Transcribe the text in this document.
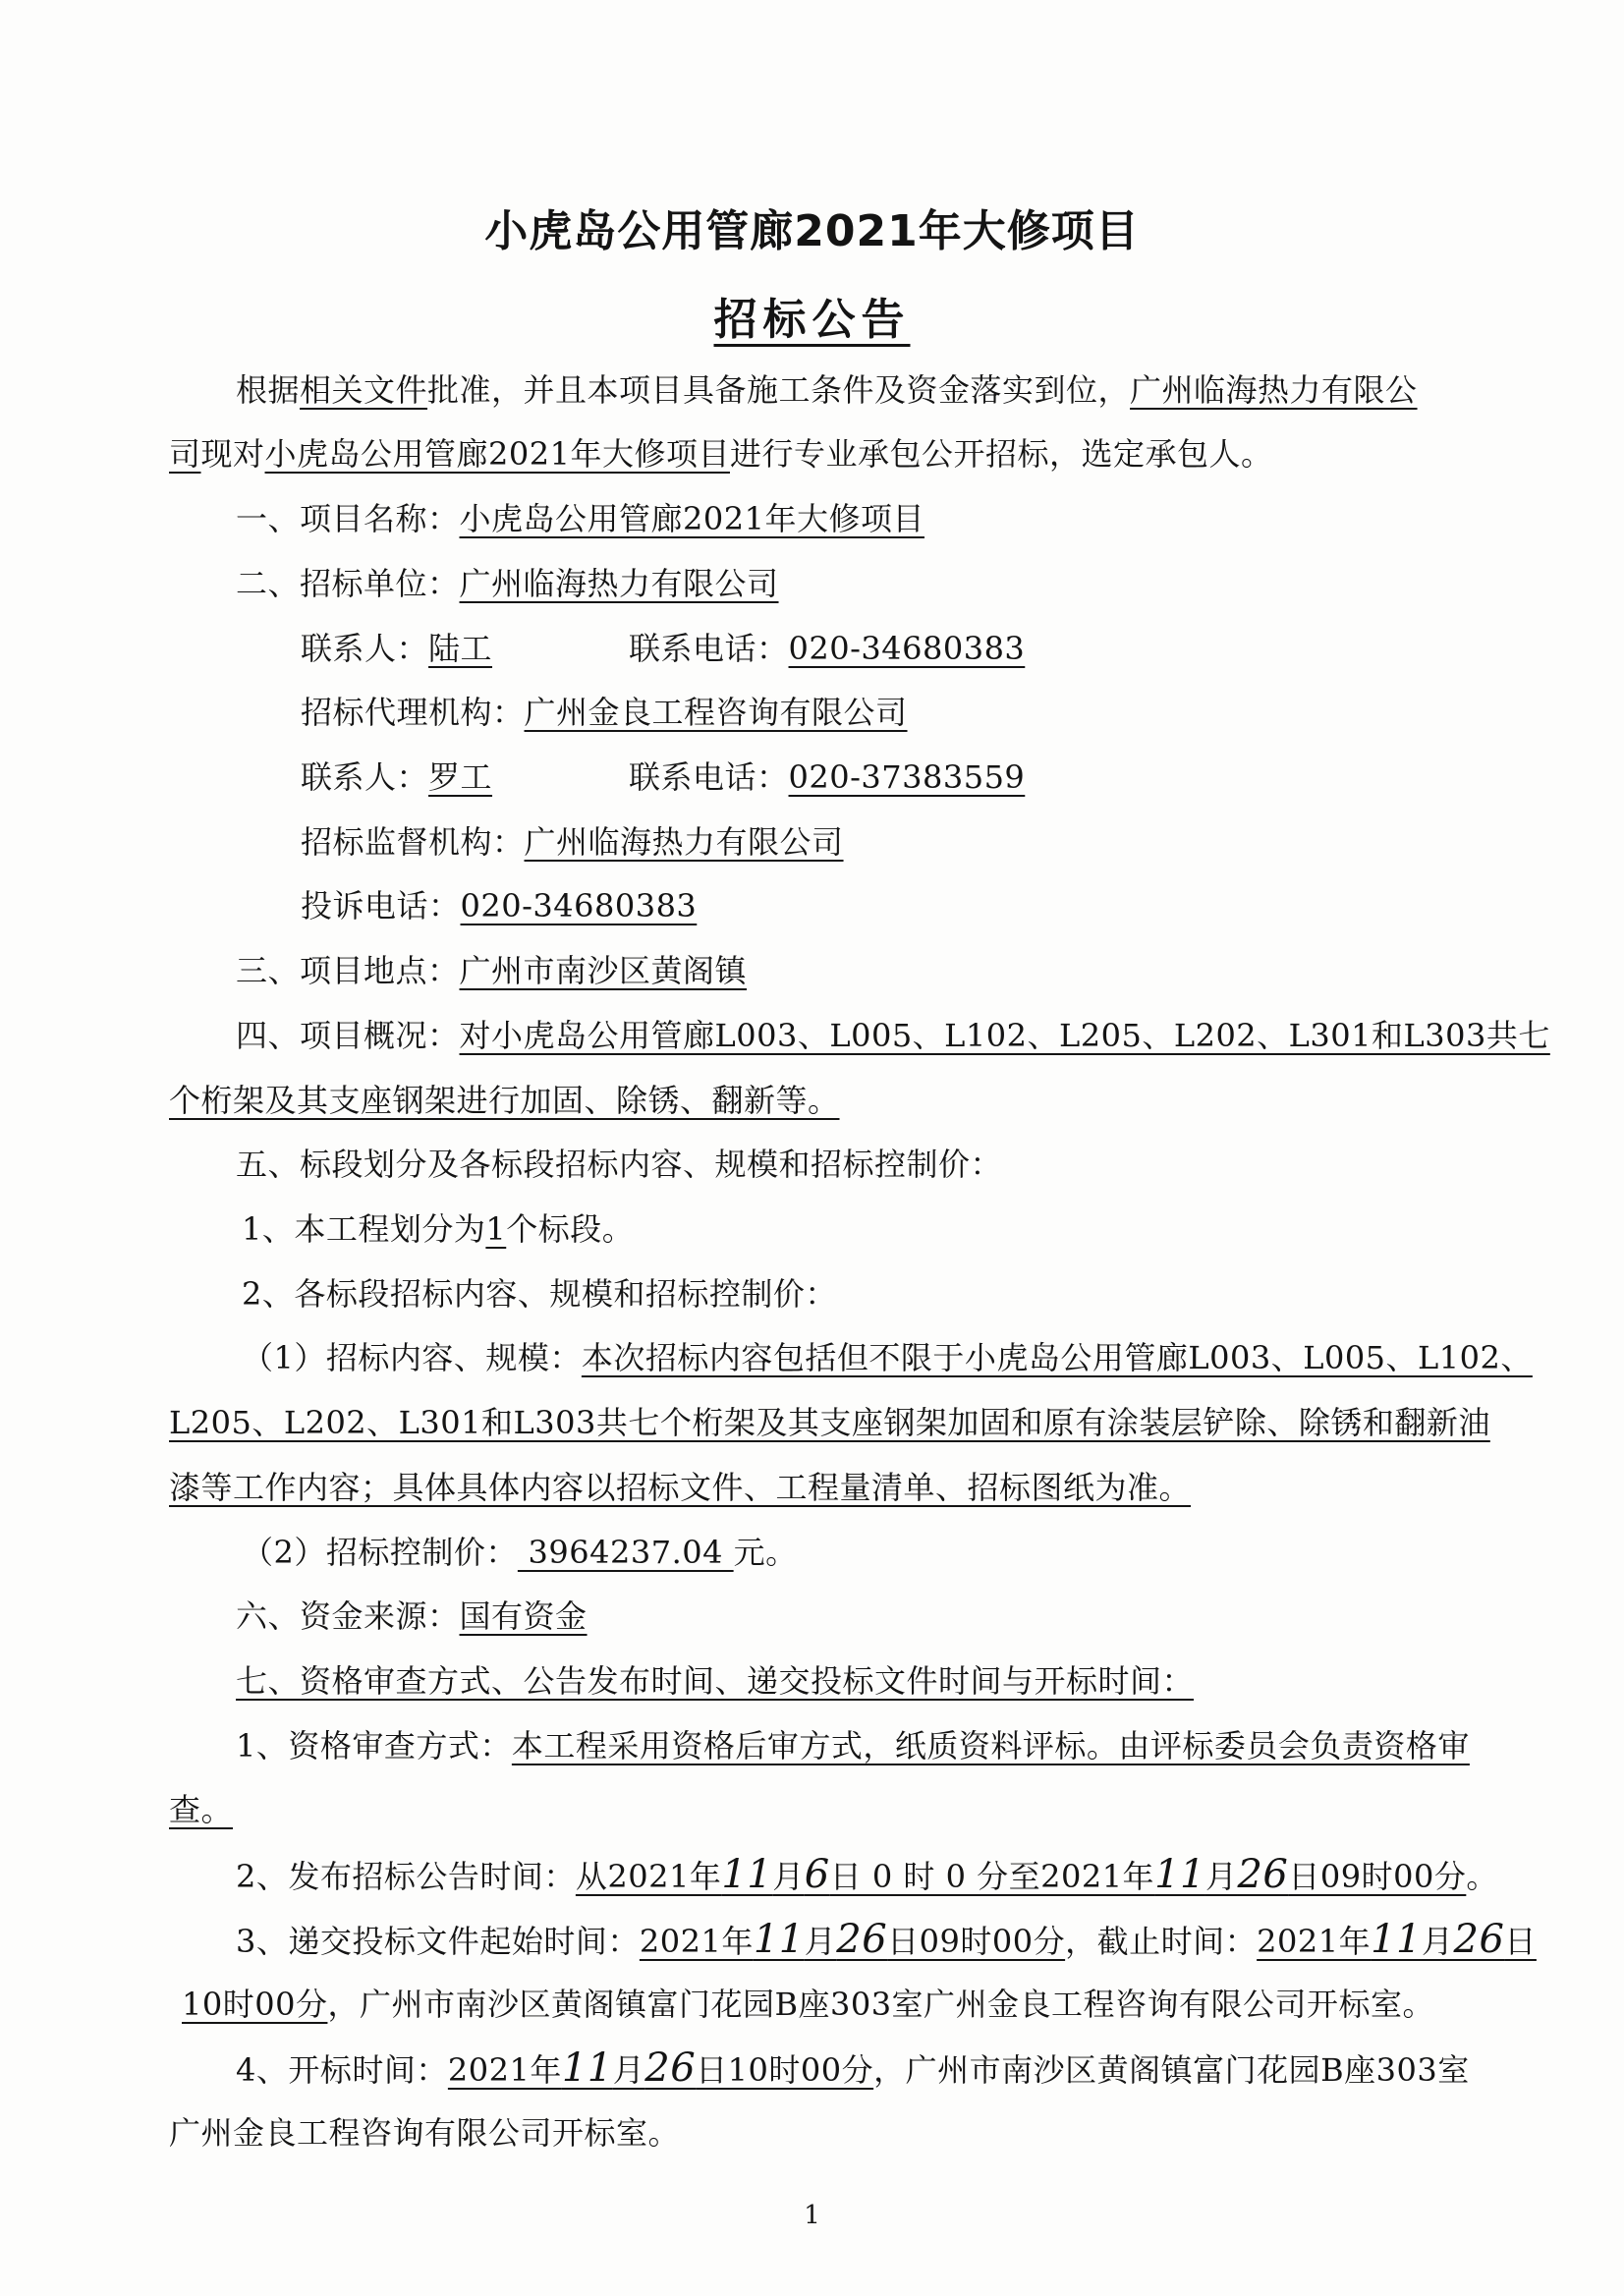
小虎岛公用管廊2021年大修项目
招标公告
根据相关文件批准，并且本项目具备施工条件及资金落实到位，广州临海热力有限公
司现对小虎岛公用管廊2021年大修项目进行专业承包公开招标，选定承包人。
一、项目名称：小虎岛公用管廊2021年大修项目
二、招标单位：广州临海热力有限公司
联系人：陆工	联系电话：020-34680383
招标代理机构：广州金良工程咨询有限公司
联系人：罗工	联系电话：020-37383559
招标监督机构：广州临海热力有限公司
投诉电话：020-34680383
三、项目地点：广州市南沙区黄阁镇
四、项目概况：对小虎岛公用管廊L003、L005、L102、L205、L202、L301和L303共七
个桁架及其支座钢架进行加固、除锈、翻新等。
五、标段划分及各标段招标内容、规模和招标控制价：
1、本工程划分为1个标段。
2、各标段招标内容、规模和招标控制价：
（1）招标内容、规模：本次招标内容包括但不限于小虎岛公用管廊L003、L005、L102、
L205、L202、L301和L303共七个桁架及其支座钢架加固和原有涂装层铲除、除锈和翻新油
漆等工作内容；具体具体内容以招标文件、工程量清单、招标图纸为准。
（2）招标控制价： 3964237.04 元。
六、资金来源：国有资金
七、资格审查方式、公告发布时间、递交投标文件时间与开标时间：
1、资格审查方式：本工程采用资格后审方式，纸质资料评标。由评标委员会负责资格审
查。
2、发布招标公告时间：从2021年11月6日 0 时 0 分至2021年11月26日09时00分。
3、递交投标文件起始时间：2021年11月26日09时00分，截止时间：2021年11月26日
10时00分，广州市南沙区黄阁镇富门花园B座303室广州金良工程咨询有限公司开标室。
4、开标时间：2021年11月26日10时00分，广州市南沙区黄阁镇富门花园B座303室
广州金良工程咨询有限公司开标室。
1
